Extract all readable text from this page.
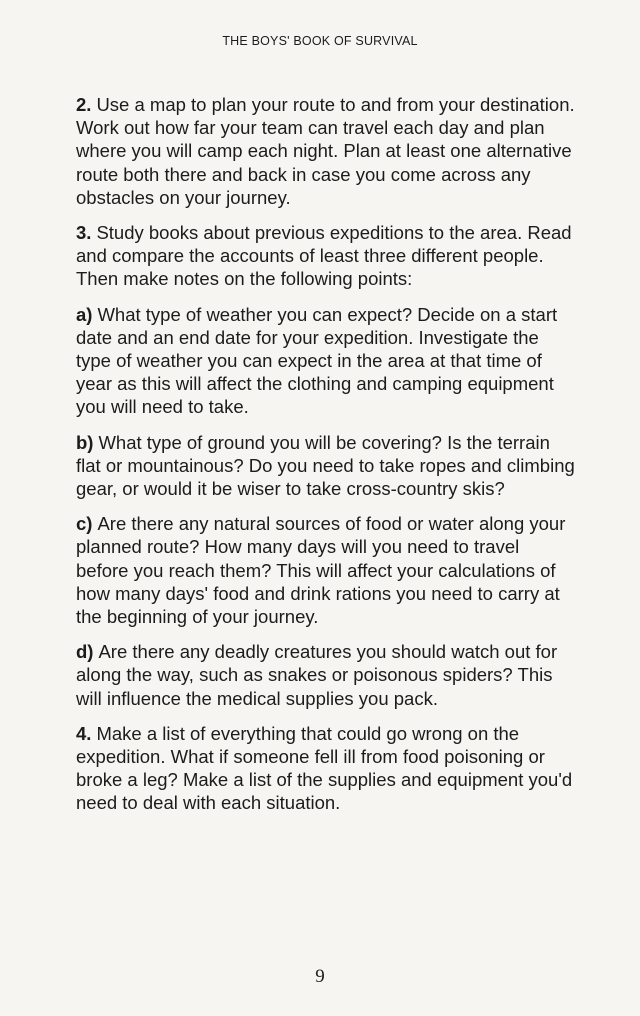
THE BOYS' BOOK OF SURVIVAL

2. Use a map to plan your route to and from your destination. Work out how far your team can travel each day and plan where you will camp each night. Plan at least one alternative route both there and back in case you come across any obstacles on your journey.

3. Study books about previous expeditions to the area. Read and compare the accounts of least three different people. Then make notes on the following points:

a) What type of weather you can expect? Decide on a start date and an end date for your expedition. Investigate the type of weather you can expect in the area at that time of year as this will affect the clothing and camping equipment you will need to take.

b) What type of ground you will be covering? Is the terrain flat or mountainous? Do you need to take ropes and climbing gear, or would it be wiser to take cross-country skis?

c) Are there any natural sources of food or water along your planned route? How many days will you need to travel before you reach them? This will affect your calculations of how many days' food and drink rations you need to carry at the beginning of your journey.

d) Are there any deadly creatures you should watch out for along the way, such as snakes or poisonous spiders? This will influence the medical supplies you pack.

4. Make a list of everything that could go wrong on the expedition. What if someone fell ill from food poisoning or broke a leg? Make a list of the supplies and equipment you'd need to deal with each situation.

9
